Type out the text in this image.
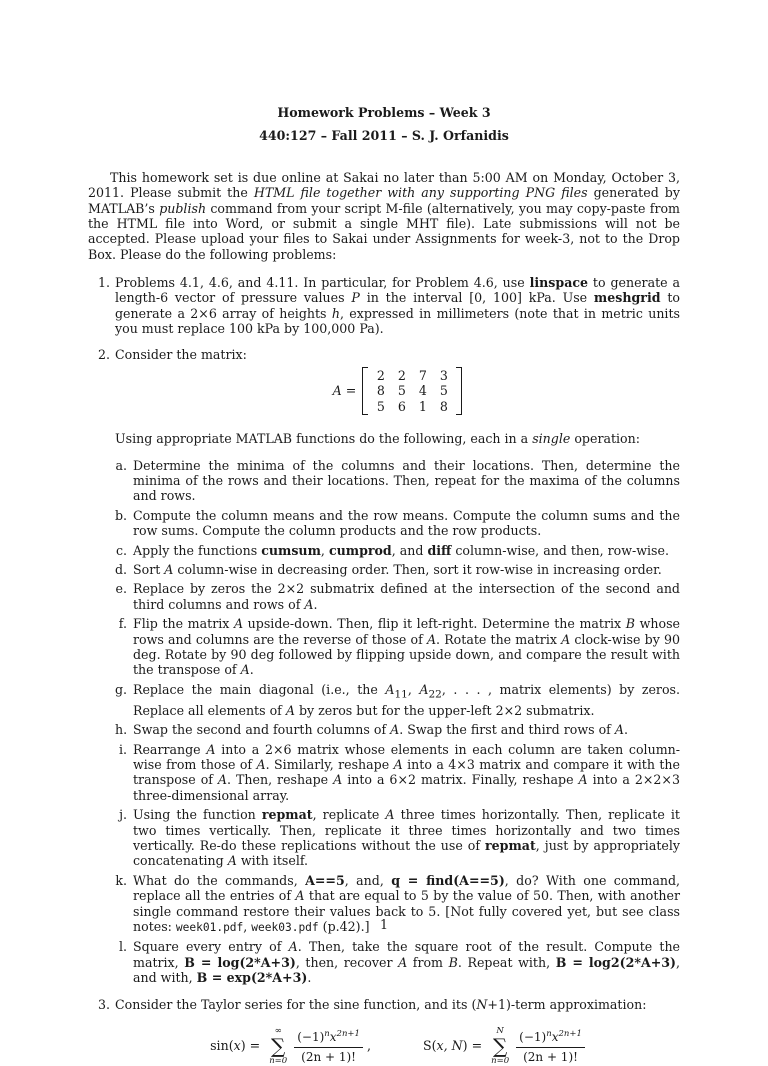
Homework Problems – Week 3
440:127 – Fall 2011 – S. J. Orfanidis

This homework set is due online at Sakai no later than 5:00 AM on Monday, October 3, 2011. Please submit the HTML file together with any supporting PNG files generated by MATLAB’s publish command from your script M-file (alternatively, you may copy-paste from the HTML file into Word, or submit a single MHT file). Late submissions will not be accepted. Please upload your files to Sakai under Assignments for week-3, not to the Drop Box. Please do the following problems:

1. Problems 4.1, 4.6, and 4.11. In particular, for Problem 4.6, use linspace to generate a length-6 vector of pressure values P in the interval [0, 100] kPa. Use meshgrid to generate a 2×6 array of heights h, expressed in millimeters (note that in metric units you must replace 100 kPa by 100,000 Pa).
2. Consider the matrix:
A =
2	2	7	3
8	5	4	5
5	6	1	8
Using appropriate MATLAB functions do the following, each in a single operation:
a. Determine the minima of the columns and their locations. Then, determine the minima of the rows and their locations. Then, repeat for the maxima of the columns and rows.
b. Compute the column means and the row means. Compute the column sums and the row sums. Compute the column products and the row products.
c. Apply the functions cumsum, cumprod, and diff column-wise, and then, row-wise.
d. Sort A column-wise in decreasing order. Then, sort it row-wise in increasing order.
e. Replace by zeros the 2×2 submatrix defined at the intersection of the second and third columns and rows of A.
f. Flip the matrix A upside-down. Then, flip it left-right. Determine the matrix B whose rows and columns are the reverse of those of A. Rotate the matrix A clock-wise by 90 deg. Rotate by 90 deg followed by flipping upside down, and compare the result with the transpose of A.
g. Replace the main diagonal (i.e., the $A_{11}$, $A_{22}$, . . . , matrix elements) by zeros. Replace all elements of A by zeros but for the upper-left 2×2 submatrix.
h. Swap the second and fourth columns of A. Swap the first and third rows of A.
i. Rearrange A into a 2×6 matrix whose elements in each column are taken column-wise from those of A. Similarly, reshape A into a 4×3 matrix and compare it with the transpose of A. Then, reshape A into a 6×2 matrix. Finally, reshape A into a 2×2×3 three-dimensional array.
j. Using the function repmat, replicate A three times horizontally. Then, replicate it two times vertically. Then, replicate it three times horizontally and two times vertically. Re-do these replications without the use of repmat, just by appropriately concatenating A with itself.
k. What do the commands, A==5, and, q = find(A==5), do? With one command, replace all the entries of A that are equal to 5 by the value of 50. Then, with another single command restore their values back to 5. [Not fully covered yet, but see class notes: week01.pdf, week03.pdf (p.42).]
l. Square every entry of A. Then, take the square root of the result. Compute the matrix, B = log(2*A+3), then, recover A from B. Repeat with, B = log2(2*A+3), and with, B = exp(2*A+3).
3. Consider the Taylor series for the sine function, and its (N+1)-term approximation:
sin(x) =
∞
∑
$n=0 \frac{(-1)^nx^{2n+1}}{(2n + 1)!}$ ,	S(x, N) =
N
∑
$n=0 \frac{(-1)^nx^{2n+1}}{(2n + 1)!}$
1
